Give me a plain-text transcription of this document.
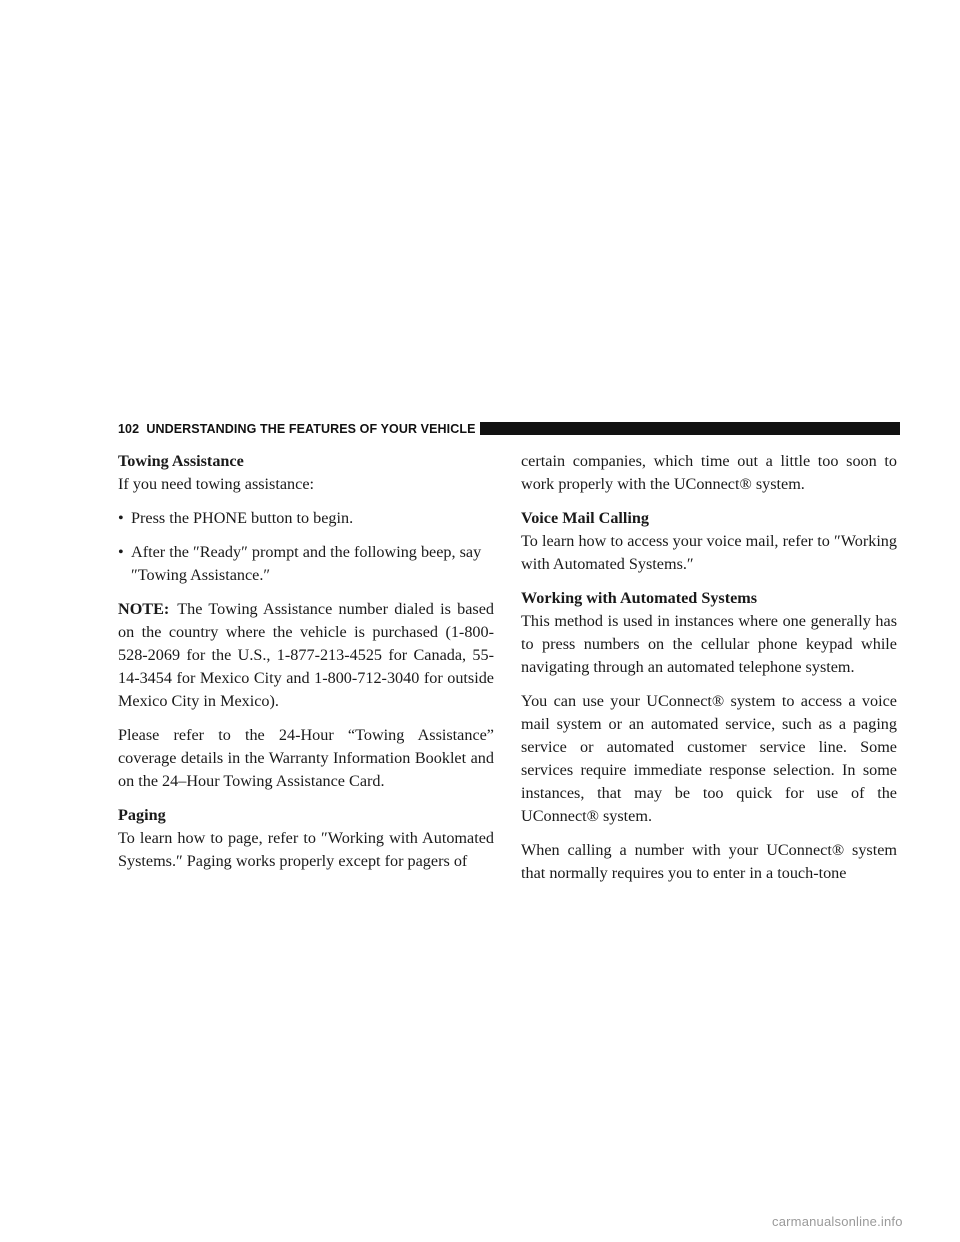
102 UNDERSTANDING THE FEATURES OF YOUR VEHICLE
Towing Assistance

If you need towing assistance:

• Press the PHONE button to begin.
• After the ″Ready″ prompt and the following beep, say ″Towing Assistance.″

NOTE: The Towing Assistance number dialed is based on the country where the vehicle is purchased (1-800-528-2069 for the U.S., 1-877-213-4525 for Canada, 55-14-3454 for Mexico City and 1-800-712-3040 for outside Mexico City in Mexico).

Please refer to the 24-Hour “Towing Assistance” coverage details in the Warranty Information Booklet and on the 24–Hour Towing Assistance Card.

Paging

To learn how to page, refer to ″Working with Automated Systems.″ Paging works properly except for pagers of

certain companies, which time out a little too soon to work properly with the UConnect® system.

Voice Mail Calling

To learn how to access your voice mail, refer to ″Working with Automated Systems.″

Working with Automated Systems

This method is used in instances where one generally has to press numbers on the cellular phone keypad while navigating through an automated telephone system.

You can use your UConnect® system to access a voice mail system or an automated service, such as a paging service or automated customer service line. Some services require immediate response selection. In some instances, that may be too quick for use of the UConnect® system.

When calling a number with your UConnect® system that normally requires you to enter in a touch-tone

carmanualsonline.info
